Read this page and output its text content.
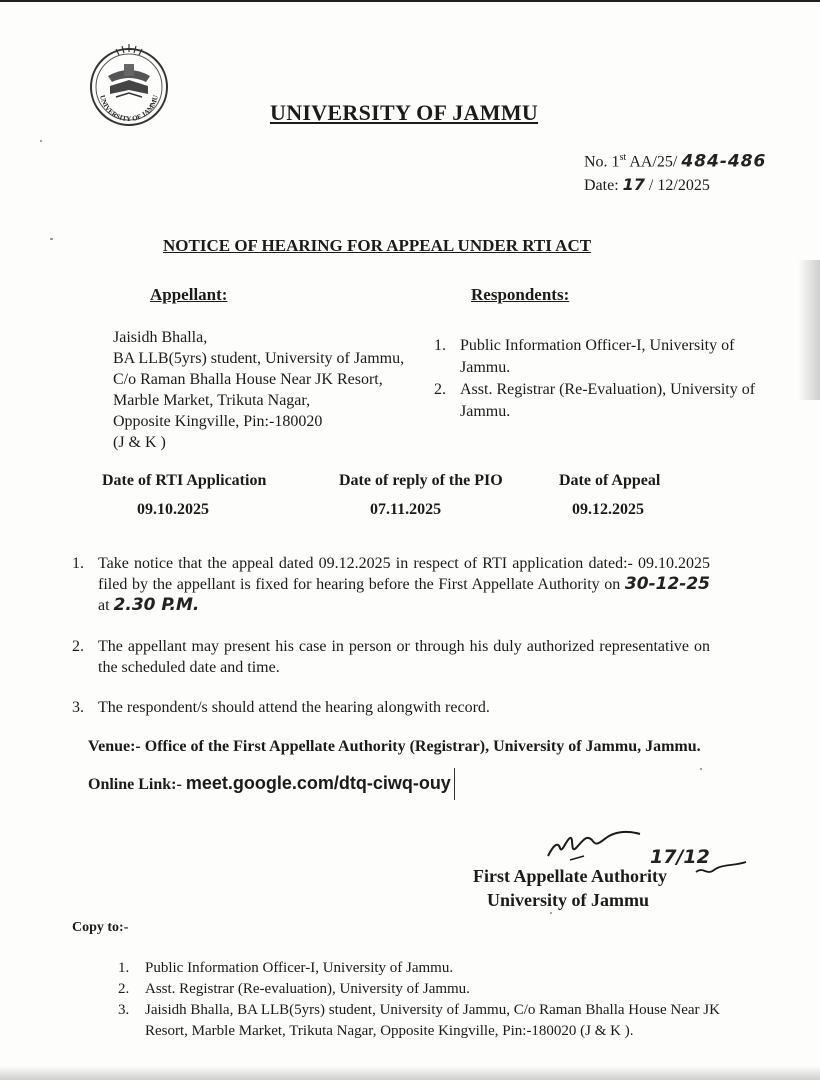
UNIVERSITY OF JAMMU
UNIVERSITY OF JAMMU
No. 1st AA/25/ 484-486
Date: 17 / 12/2025
NOTICE OF HEARING FOR APPEAL UNDER RTI ACT
Appellant:	Respondents:
Jaisidh Bhalla,
BA LLB(5yrs) student, University of Jammu,
C/o Raman Bhalla House Near JK Resort,
Marble Market, Trikuta Nagar,
Opposite Kingville, Pin:-180020
(J & K )
1. Public Information Officer-I, University of Jammu.
2. Asst. Registrar (Re-Evaluation), University of Jammu.
Date of RTI Application	Date of reply of the PIO	Date of Appeal
09.10.2025	07.11.2025	09.12.2025
1. Take notice that the appeal dated 09.12.2025 in respect of RTI application dated:- 09.10.2025 filed by the appellant is fixed for hearing before the First Appellate Authority on 30-12-25 at 2.30 P.M.
2. The appellant may present his case in person or through his duly authorized representative on the scheduled date and time.
3. The respondent/s should attend the hearing alongwith record.
Venue:- Office of the First Appellate Authority (Registrar), University of Jammu, Jammu.
Online Link:- meet.google.com/dtq-ciwq-ouy
17/12
First Appellate Authority
University of Jammu
Copy to:-
1.	Public Information Officer-I, University of Jammu.
2.	Asst. Registrar (Re-evaluation), University of Jammu.
3.	Jaisidh Bhalla, BA LLB(5yrs) student, University of Jammu, C/o Raman Bhalla House Near JK Resort, Marble Market, Trikuta Nagar, Opposite Kingville, Pin:-180020 (J & K ).
